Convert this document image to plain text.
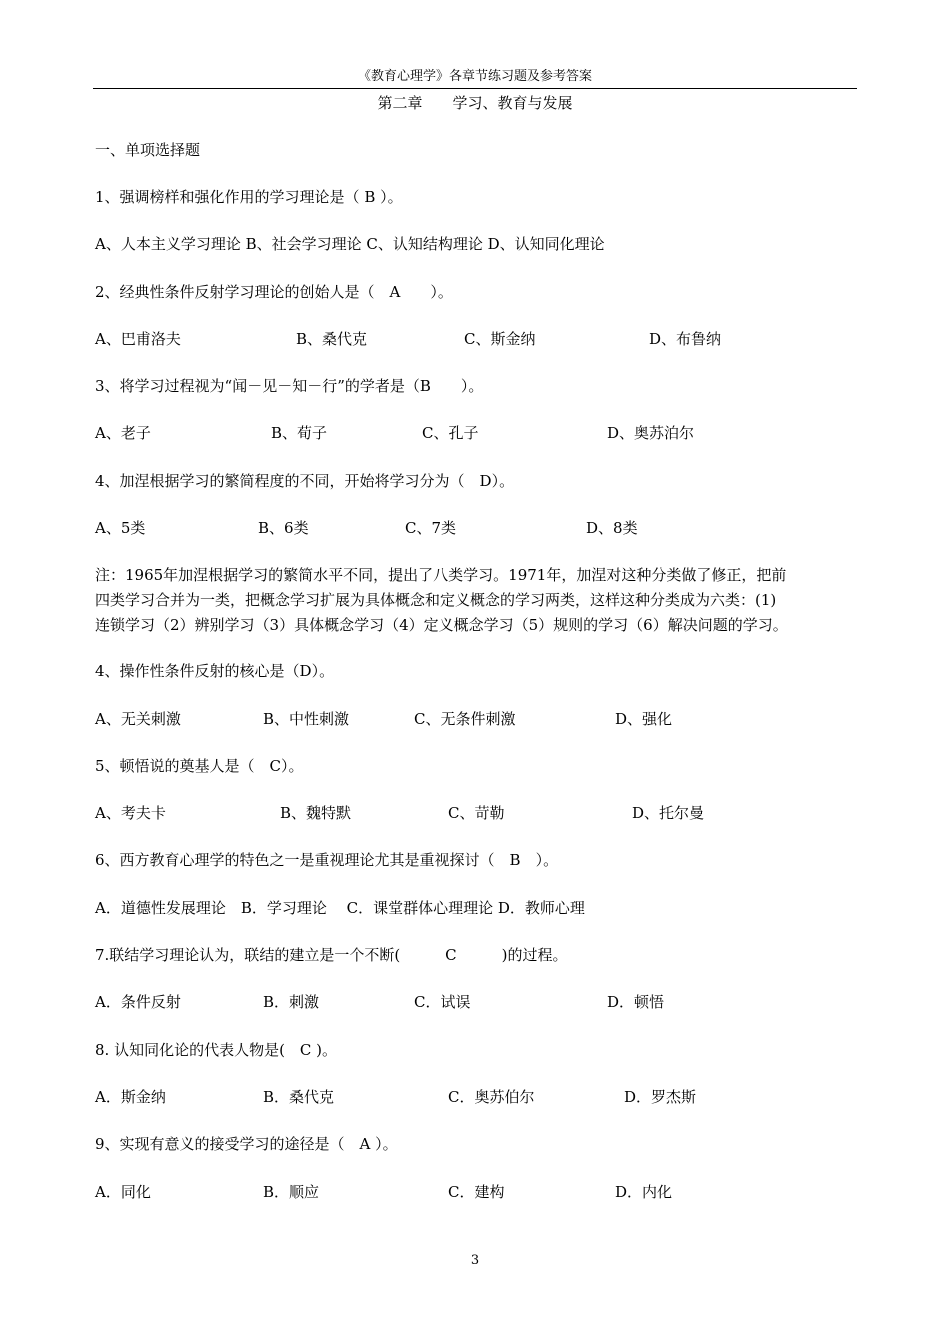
《教育心理学》各章节练习题及参考答案
第二章　　学习、教育与发展
一、单项选择题
1、强调榜样和强化作用的学习理论是（ B ）。
A、人本主义学习理论 B、社会学习理论 C、认知结构理论 D、认知同化理论
2、经典性条件反射学习理论的创始人是（　A　　）。
A、巴甫洛夫	B、桑代克	C、斯金纳	D、布鲁纳
3、将学习过程视为“闻－见－知－行”的学者是（B　　）。
A、老子	B、荀子	C、孔子	D、奥苏泊尔
4、加涅根据学习的繁简程度的不同，开始将学习分为（　D）。
A、5类	B、6类	C、7类	D、8类

注：1965年加涅根据学习的繁简水平不同，提出了八类学习。1971年，加涅对这种分类做了修正，把前

四类学习合并为一类，把概念学习扩展为具体概念和定义概念的学习两类，这样这种分类成为六类：(1)

连锁学习（2）辨别学习（3）具体概念学习（4）定义概念学习（5）规则的学习（6）解决问题的学习。

4、操作性条件反射的核心是（D）。
A、无关刺激	B、中性刺激	C、无条件刺激	D、强化
5、顿悟说的奠基人是（　C）。
A、考夫卡	B、魏特默	C、苛勒	D、托尔曼
6、西方教育心理学的特色之一是重视理论尤其是重视探讨（　B　）。
A．道德性发展理论　B．学习理论　 C．课堂群体心理理论 D．教师心理
7.联结学习理论认为，联结的建立是一个不断(　　　C　　　)的过程。
A．条件反射	B．刺激	C．试误	D．顿悟
8. 认知同化论的代表人物是(　C )。
A．斯金纳	B．桑代克	C．奥苏伯尔	D．罗杰斯
9、实现有意义的接受学习的途径是（　A ）。
A．同化	B．顺应	C．建构	D．内化
3
